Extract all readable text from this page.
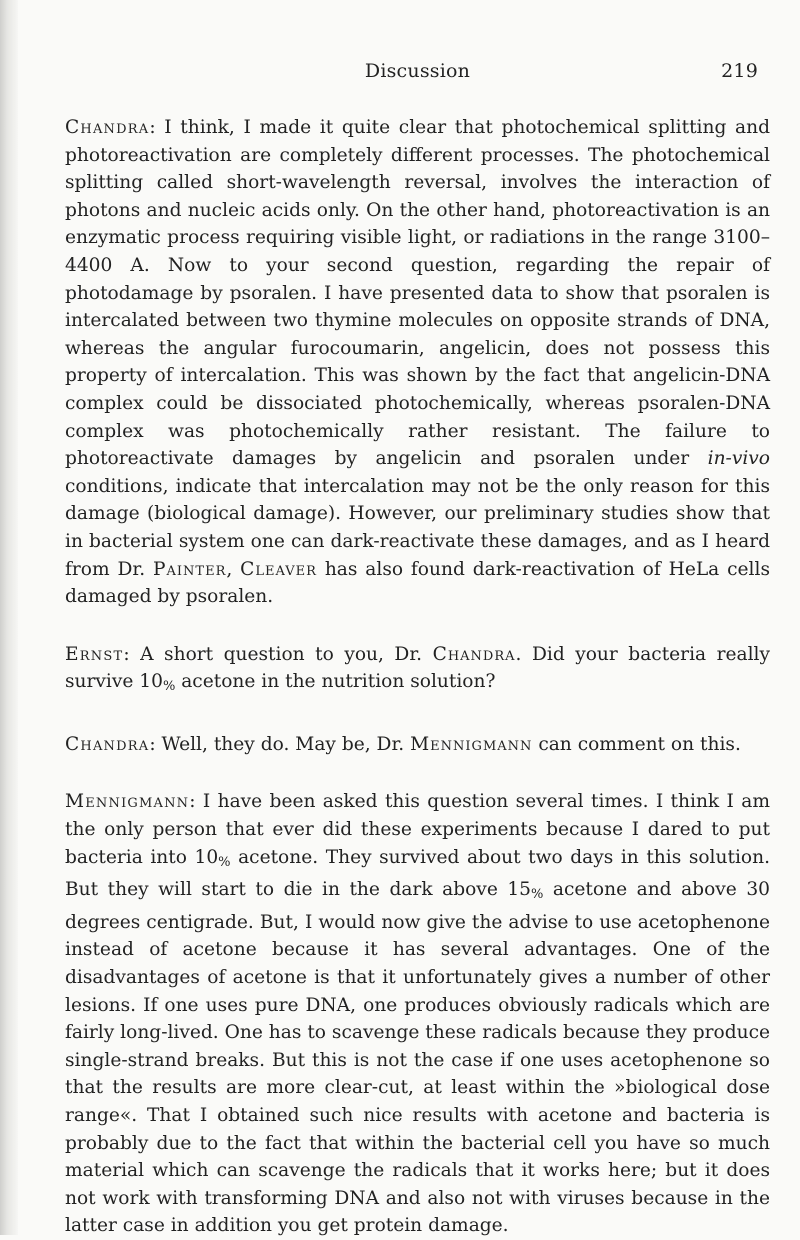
Discussion	219

Chandra: I think, I made it quite clear that photochemical splitting and photoreactivation are completely different processes. The photochemical splitting called short-wavelength reversal, involves the interaction of photons and nucleic acids only. On the other hand, photoreactivation is an enzymatic process requiring visible light, or radiations in the range 3100–4400 A. Now to your second question, regarding the repair of photodamage by psoralen. I have presented data to show that psoralen is intercalated between two thymine molecules on opposite strands of DNA, whereas the angular furocoumarin, angelicin, does not possess this property of intercalation. This was shown by the fact that angelicin-DNA complex could be dissociated photochemically, whereas psoralen-DNA complex was photochemically rather resistant. The failure to photoreactivate damages by angelicin and psoralen under in-vivo conditions, indicate that intercalation may not be the only reason for this damage (biological damage). However, our preliminary studies show that in bacterial system one can dark-reactivate these damages, and as I heard from Dr. Painter, Cleaver has also found dark-reactivation of HeLa cells damaged by psoralen.

Ernst: A short question to you, Dr. Chandra. Did your bacteria really survive $10_{\%}$ acetone in the nutrition solution?

Chandra: Well, they do. May be, Dr. Mennigmann can comment on this.

Mennigmann: I have been asked this question several times. I think I am the only person that ever did these experiments because I dared to put bacteria into $10_{\%}$ acetone. They survived about two days in this solution. But they will start to die in the dark above $15_{\%}$ acetone and above 30 degrees centigrade. But, I would now give the advise to use acetophenone instead of acetone because it has several advantages. One of the disadvantages of acetone is that it unfortunately gives a number of other lesions. If one uses pure DNA, one produces obviously radicals which are fairly long-lived. One has to scavenge these radicals because they produce single-strand breaks. But this is not the case if one uses acetophenone so that the results are more clear-cut, at least within the »biological dose range«. That I obtained such nice results with acetone and bacteria is probably due to the fact that within the bacterial cell you have so much material which can scavenge the radicals that it works here; but it does not work with transforming DNA and also not with viruses because in the latter case in addition you get protein damage.
